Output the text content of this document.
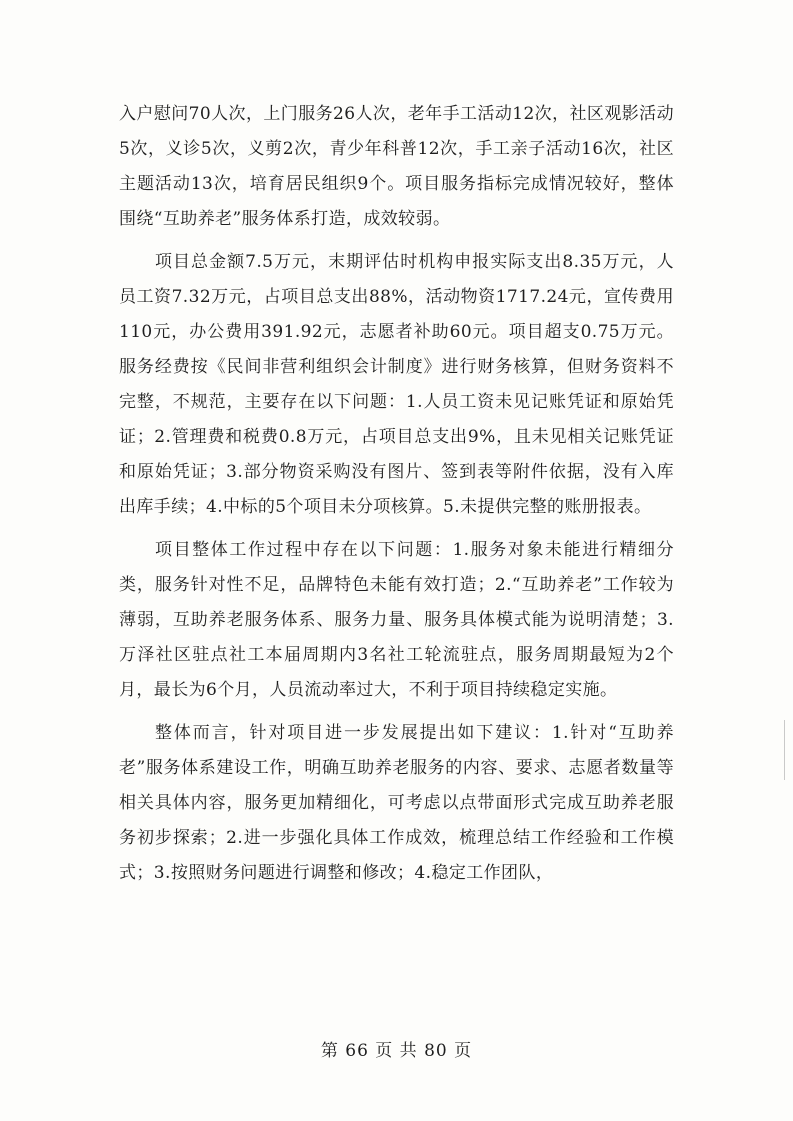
入户慰问70人次，上门服务26人次，老年手工活动12次，社区观影活动5次，义诊5次，义剪2次，青少年科普12次，手工亲子活动16次，社区主题活动13次，培育居民组织9个。项目服务指标完成情况较好，整体围绕“互助养老”服务体系打造，成效较弱。

项目总金额7.5万元，末期评估时机构申报实际支出8.35万元，人员工资7.32万元，占项目总支出88%，活动物资1717.24元，宣传费用110元，办公费用391.92元，志愿者补助60元。项目超支0.75万元。服务经费按《民间非营利组织会计制度》进行财务核算，但财务资料不完整，不规范，主要存在以下问题：1.人员工资未见记账凭证和原始凭证；2.管理费和税费0.8万元，占项目总支出9%，且未见相关记账凭证和原始凭证；3.部分物资采购没有图片、签到表等附件依据，没有入库出库手续；4.中标的5个项目未分项核算。5.未提供完整的账册报表。

项目整体工作过程中存在以下问题：1.服务对象未能进行精细分类，服务针对性不足，品牌特色未能有效打造；2.“互助养老”工作较为薄弱，互助养老服务体系、服务力量、服务具体模式能为说明清楚；3.万泽社区驻点社工本届周期内3名社工轮流驻点，服务周期最短为2个月，最长为6个月，人员流动率过大，不利于项目持续稳定实施。

整体而言，针对项目进一步发展提出如下建议：1.针对“互助养老”服务体系建设工作，明确互助养老服务的内容、要求、志愿者数量等相关具体内容，服务更加精细化，可考虑以点带面形式完成互助养老服务初步探索；2.进一步强化具体工作成效，梳理总结工作经验和工作模式；3.按照财务问题进行调整和修改；4.稳定工作团队，

第 66 页 共 80 页
